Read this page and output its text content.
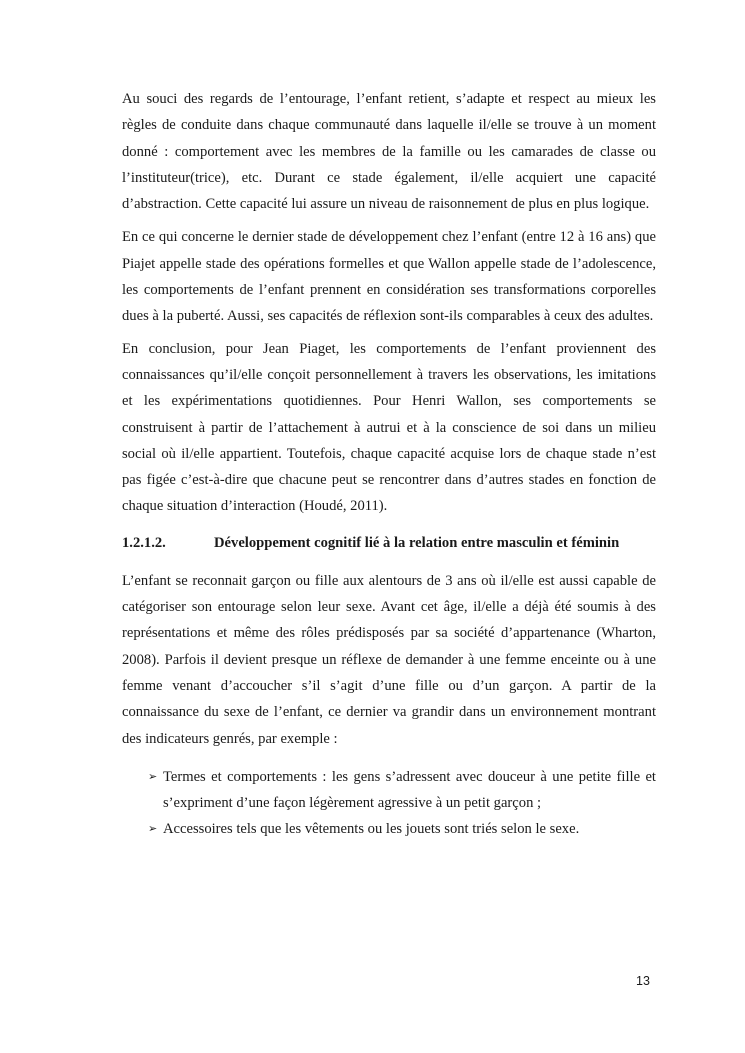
Au souci des regards de l’entourage, l’enfant retient, s’adapte et respect au mieux les règles de conduite dans chaque communauté dans laquelle il/elle se trouve à un moment donné : comportement avec les membres de la famille ou les camarades de classe ou l’instituteur(trice), etc. Durant ce stade également, il/elle acquiert une capacité d’abstraction. Cette capacité lui assure un niveau de raisonnement de plus en plus logique.

En ce qui concerne le dernier stade de développement chez l’enfant (entre 12 à 16 ans) que Piajet appelle stade des opérations formelles et que Wallon appelle stade de l’adolescence, les comportements de l’enfant prennent en considération ses transformations corporelles dues à la puberté. Aussi, ses capacités de réflexion sont-ils comparables à ceux des adultes.

En conclusion, pour Jean Piaget, les comportements de l’enfant proviennent des connaissances qu’il/elle conçoit personnellement à travers les observations, les imitations et les expérimentations quotidiennes. Pour Henri Wallon, ses comportements se construisent à partir de l’attachement à autrui et à la conscience de soi dans un milieu social où il/elle appartient. Toutefois, chaque capacité acquise lors de chaque stade n’est pas figée c’est-à-dire que chacune peut se rencontrer dans d’autres stades en fonction de chaque situation d’interaction (Houdé, 2011).

1.2.1.2.	Développement cognitif lié à la relation entre masculin et féminin

L’enfant se reconnait garçon ou fille aux alentours de 3 ans où il/elle est aussi capable de catégoriser son entourage selon leur sexe. Avant cet âge, il/elle a déjà été soumis à des représentations et même des rôles prédisposés par sa société d’appartenance (Wharton, 2008). Parfois il devient presque un réflexe de demander à une femme enceinte ou à une femme venant d’accoucher s’il s’agit d’une fille ou d’un garçon. A partir de la connaissance du sexe de l’enfant, ce dernier va grandir dans un environnement montrant des indicateurs genrés, par exemple :

➢ Termes et comportements : les gens s’adressent avec douceur à une petite fille et s’expriment d’une façon légèrement agressive à un petit garçon ;
➢ Accessoires tels que les vêtements ou les jouets sont triés selon le sexe.
13
